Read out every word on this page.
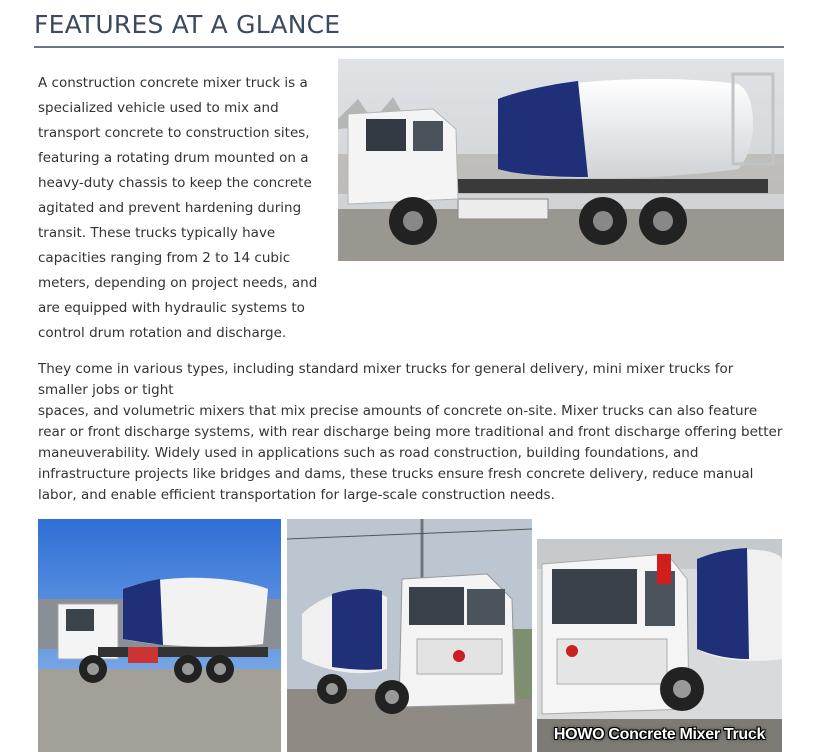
FEATURES AT A GLANCE

A construction concrete mixer truck is a specialized vehicle used to mix and transport concrete to construction sites, featuring a rotating drum mounted on a heavy-duty chassis to keep the concrete agitated and prevent hardening during transit. These trucks typically have capacities ranging from 2 to 14 cubic meters, depending on project needs, and are equipped with hydraulic systems to control drum rotation and discharge.

They come in various types, including standard mixer trucks for general delivery, mini mixer trucks for smaller jobs or tight

spaces, and volumetric mixers that mix precise amounts of concrete on-site. Mixer trucks can also feature rear or front discharge systems, with rear discharge being more traditional and front discharge offering better maneuverability. Widely used in applications such as road construction, building foundations, and infrastructure projects like bridges and dams, these trucks ensure fresh concrete delivery, reduce manual labor, and enable efficient transportation for large-scale construction needs.

HOWO Concrete Mixer Truck
